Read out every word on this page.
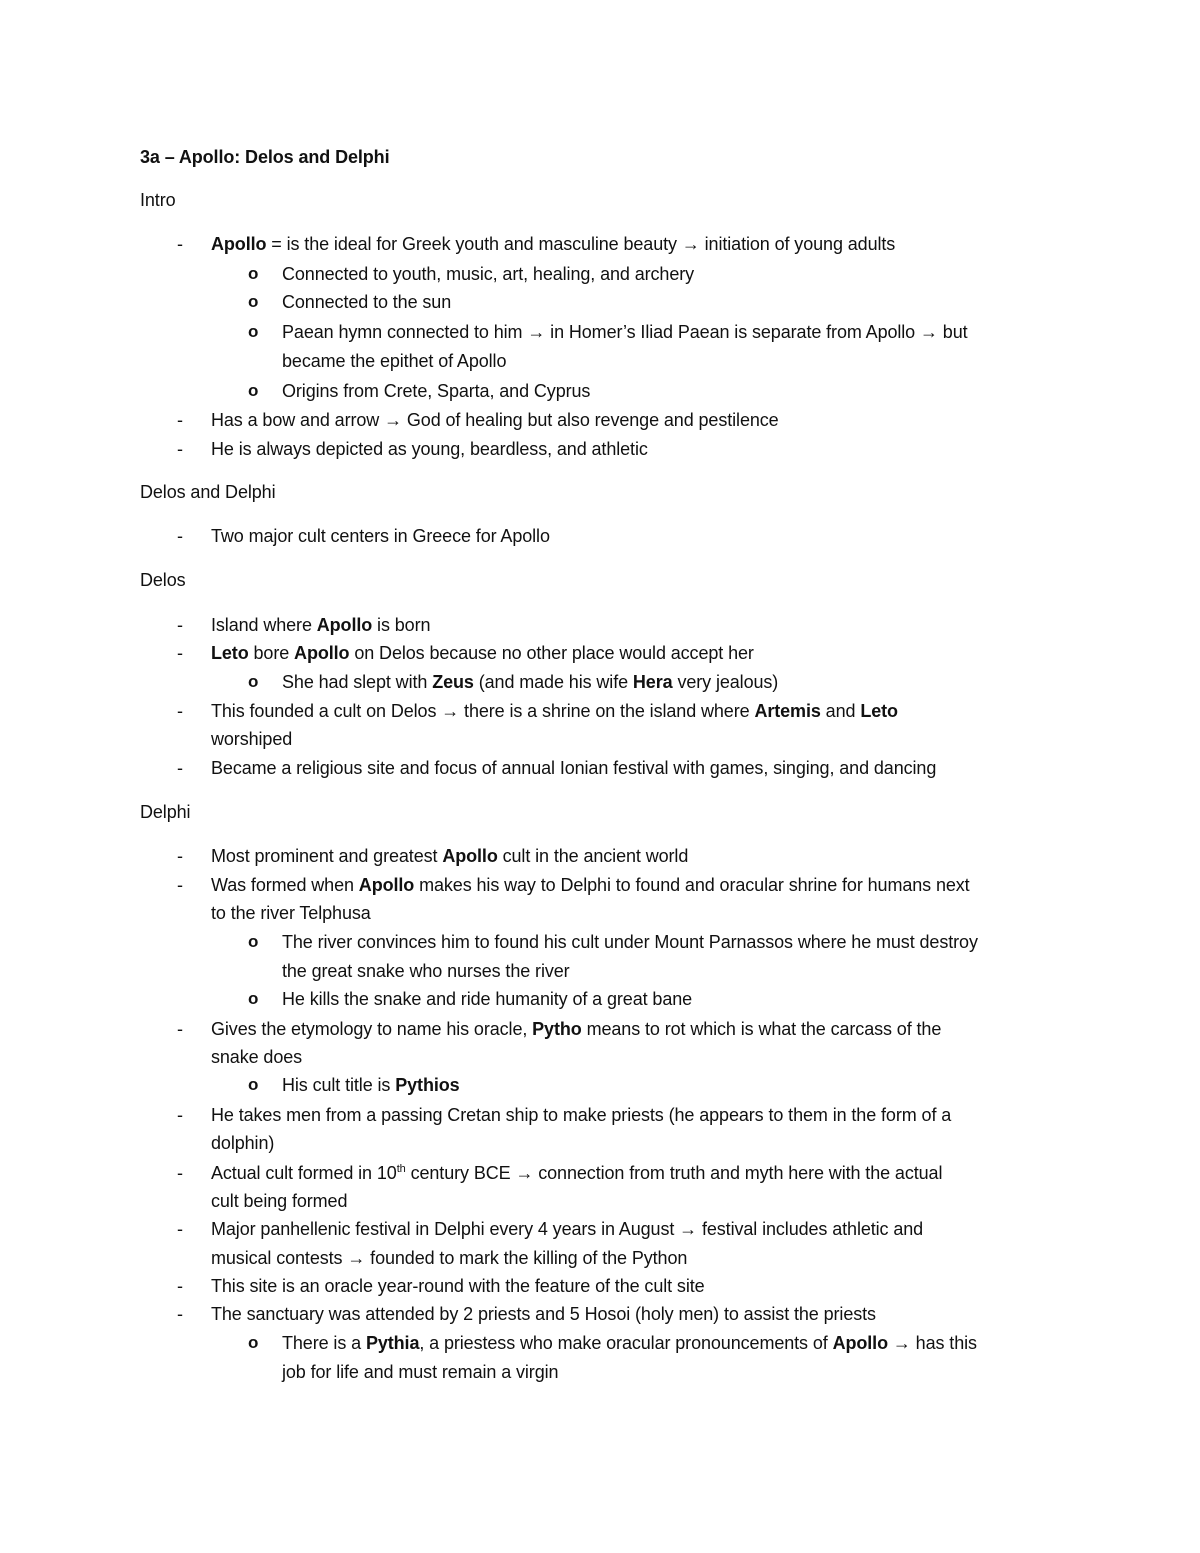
3a – Apollo: Delos and Delphi
Intro
- Apollo = is the ideal for Greek youth and masculine beauty → initiation of young adults
o Connected to youth, music, art, healing, and archery
o Connected to the sun
o Paean hymn connected to him → in Homer’s Iliad Paean is separate from Apollo → but
became the epithet of Apollo
o Origins from Crete, Sparta, and Cyprus
- Has a bow and arrow → God of healing but also revenge and pestilence
- He is always depicted as young, beardless, and athletic
Delos and Delphi
- Two major cult centers in Greece for Apollo
Delos
- Island where Apollo is born
- Leto bore Apollo on Delos because no other place would accept her
o She had slept with Zeus (and made his wife Hera very jealous)
- This founded a cult on Delos → there is a shrine on the island where Artemis and Leto
worshiped
- Became a religious site and focus of annual Ionian festival with games, singing, and dancing
Delphi
- Most prominent and greatest Apollo cult in the ancient world
- Was formed when Apollo makes his way to Delphi to found and oracular shrine for humans next
to the river Telphusa
o The river convinces him to found his cult under Mount Parnassos where he must destroy
the great snake who nurses the river
o He kills the snake and ride humanity of a great bane
- Gives the etymology to name his oracle, Pytho means to rot which is what the carcass of the
snake does
o His cult title is Pythios
- He takes men from a passing Cretan ship to make priests (he appears to them in the form of a
dolphin)
- Actual cult formed in 10th century BCE → connection from truth and myth here with the actual
cult being formed
- Major panhellenic festival in Delphi every 4 years in August → festival includes athletic and
musical contests → founded to mark the killing of the Python
- This site is an oracle year-round with the feature of the cult site
- The sanctuary was attended by 2 priests and 5 Hosoi (holy men) to assist the priests
o There is a Pythia, a priestess who make oracular pronouncements of Apollo → has this
job for life and must remain a virgin
